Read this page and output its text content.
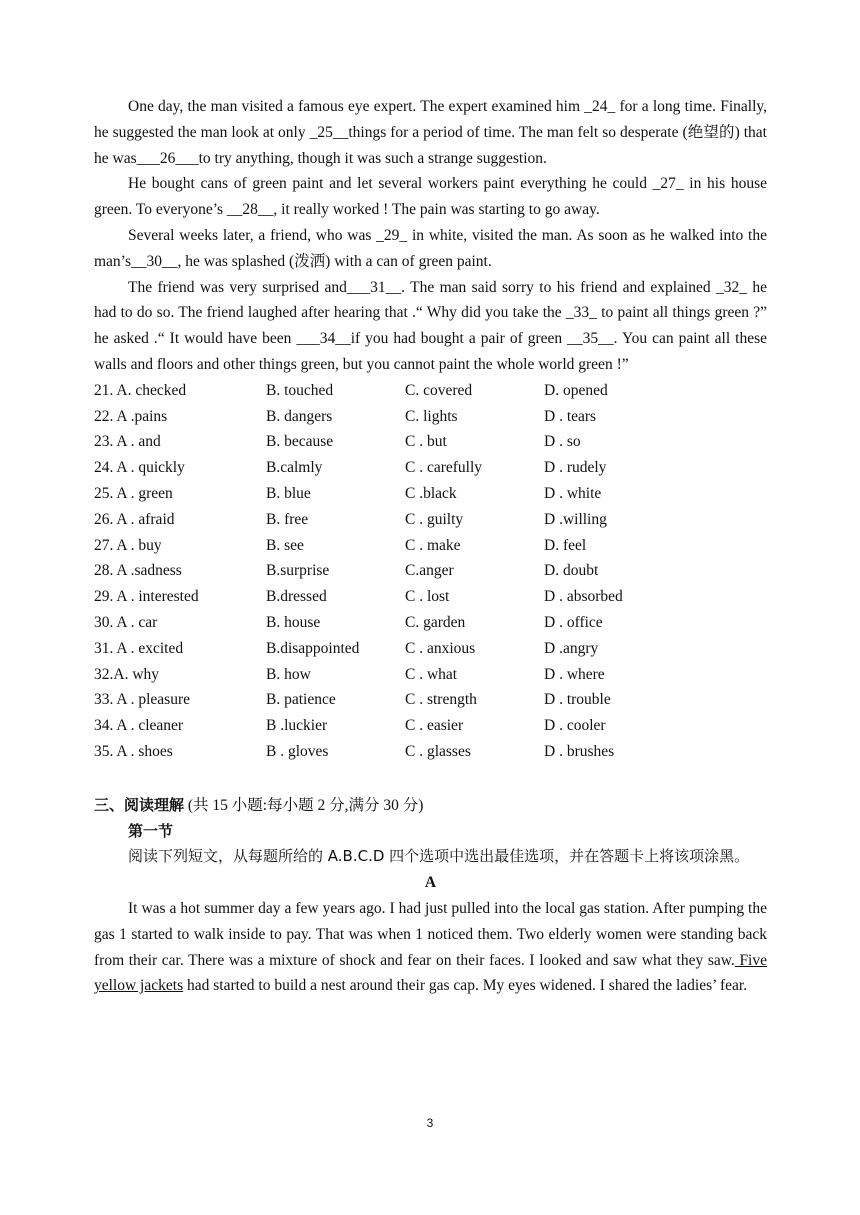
One day, the man visited a famous eye expert. The expert examined him _24_ for a long time. Finally, he suggested the man look at only _25__things for a period of time. The man felt so desperate (绝望的) that he was___26___to try anything, though it was such a strange suggestion.

He bought cans of green paint and let several workers paint everything he could _27_ in his house green. To everyone’s __28__, it really worked ! The pain was starting to go away.

Several weeks later, a friend, who was _29_ in white, visited the man. As soon as he walked into the man’s__30__, he was splashed (泼洒) with a can of green paint.

The friend was very surprised and___31__. The man said sorry to his friend and explained _32_ he had to do so. The friend laughed after hearing that .“ Why did you take the _33_ to paint all things green ?” he asked .“ It would have been ___34__if you had bought a pair of green __35__. You can paint all these walls and floors and other things green, but you cannot paint the whole world green !”

21. A. checked	B. touched	C. covered	D. opened
22. A .pains	B. dangers	C. lights	D . tears
23. A . and	B. because	C . but	D . so
24. A . quickly	B.calmly	C . carefully	D . rudely
25. A . green	B. blue	C .black	D . white
26. A . afraid	B. free	C . guilty	D .willing
27. A . buy	B. see	C . make	D. feel
28. A .sadness	B.surprise	C.anger	D. doubt
29. A . interested	B.dressed	C . lost	D . absorbed
30. A . car	B. house	C. garden	D . office
31. A . excited	B.disappointed	C . anxious	D .angry
32.A. why	B. how	C . what	D . where
33. A . pleasure	B. patience	C . strength	D . trouble
34. A . cleaner	B .luckier	C . easier	D . cooler
35. A . shoes	B . gloves	C . glasses	D . brushes
三、阅读理解 (共 15 小题:每小题 2 分,满分 30 分)
第一节

阅读下列短文，从每题所给的 A.B.C.D 四个选项中选出最佳选项，并在答题卡上将该项涂黑。

A

It was a hot summer day a few years ago. I had just pulled into the local gas station. After pumping the gas 1 started to walk inside to pay. That was when 1 noticed them. Two elderly women were standing back from their car. There was a mixture of shock and fear on their faces. I looked and saw what they saw. Five yellow jackets had started to build a nest around their gas cap. My eyes widened. I shared the ladies’ fear.

3
